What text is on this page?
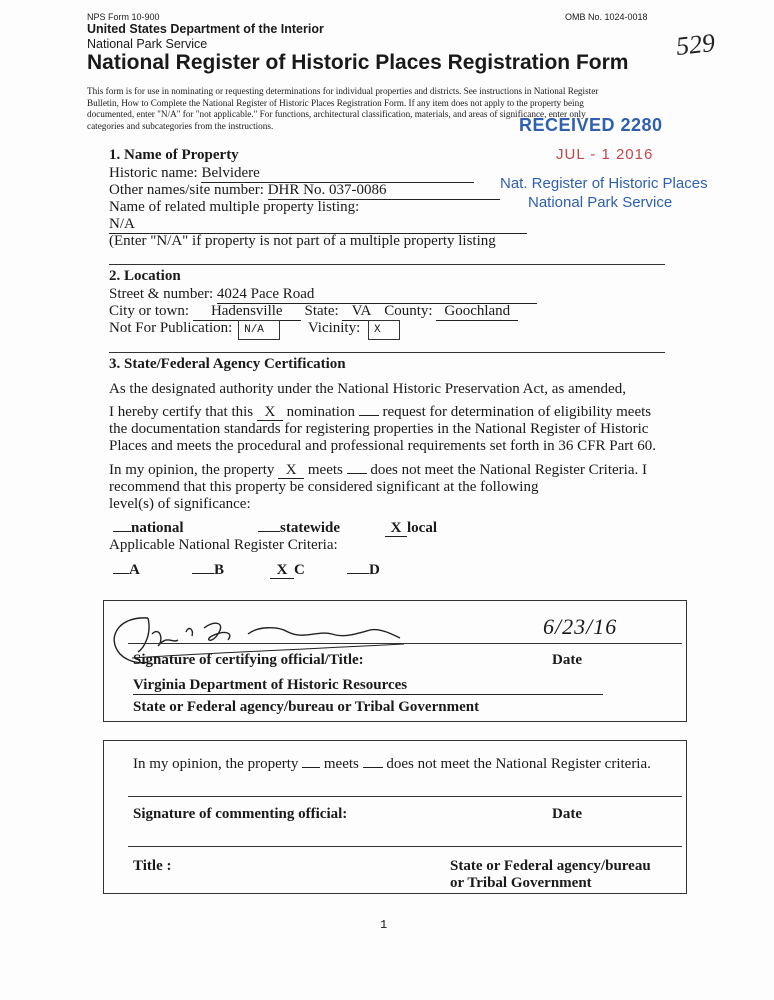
NPS Form 10-900	OMB No. 1024-0018
United States Department of the Interior
National Park Service
National Register of Historic Places Registration Form
529
This form is for use in nominating or requesting determinations for individual properties and districts. See instructions in National Register
Bulletin, How to Complete the National Register of Historic Places Registration Form. If any item does not apply to the property being
documented, enter "N/A" for "not applicable." For functions, architectural classification, materials, and areas of significance, enter only
categories and subcategories from the instructions.	RECEIVED 2280
JUL - 1 2016
Nat. Register of Historic Places
National Park Service
1. Name of Property
Historic name: Belvidere
Other names/site number: DHR No. 037-0086
Name of related multiple property listing:
N/A
(Enter "N/A" if property is not part of a multiple property listing
2. Location
Street & number: 4024 Pace Road
City or town: Hadensville State: VA County: Goochland
Not For Publication: N/A	Vicinity: X
3. State/Federal Agency Certification
As the designated authority under the National Historic Preservation Act, as amended,
I hereby certify that this X nomination request for determination of eligibility meets
the documentation standards for registering properties in the National Register of Historic
Places and meets the procedural and professional requirements set forth in 36 CFR Part 60.
In my opinion, the property X meets does not meet the National Register Criteria. I
recommend that this property be considered significant at the following
level(s) of significance:
national	statewide	X local
Applicable National Register Criteria:
A	B	X C	D
6/23/16
Signature of certifying official/Title:	Date
Virginia Department of Historic Resources
State or Federal agency/bureau or Tribal Government
In my opinion, the property meets does not meet the National Register criteria.
Signature of commenting official:	Date
Title :	State or Federal agency/bureau
or Tribal Government
1
